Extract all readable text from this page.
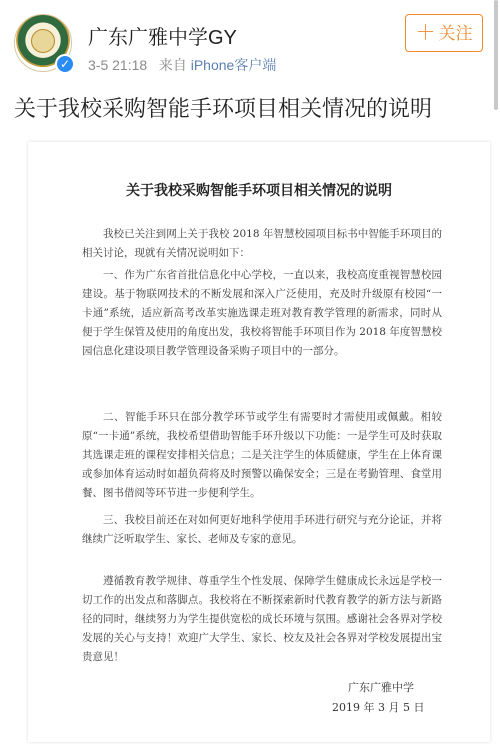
✓
广东广雅中学GY
3-5 21:18 来自 iPhone客户端
＋ 关注
关于我校采购智能手环项目相关情况的说明
关于我校采购智能手环项目相关情况的说明
我校已关注到网上关于我校 2018 年智慧校园项目标书中智能手环项目的相关讨论，现就有关情况说明如下：
一、作为广东省首批信息化中心学校，一直以来，我校高度重视智慧校园建设。基于物联网技术的不断发展和深入广泛使用，充及时升级原有校园“一卡通”系统，适应新高考改革实施选课走班对教育教学管理的新需求，同时从便于学生保管及使用的角度出发，我校将智能手环项目作为 2018 年度智慧校园信息化建设项目教学管理设备采购子项目中的一部分。
二、智能手环只在部分教学环节或学生有需要时才需使用或佩戴。相较原“一卡通”系统，我校希望借助智能手环升级以下功能：一是学生可及时获取其选课走班的课程安排相关信息；二是关注学生的体质健康，学生在上体育课或参加体育运动时如超负荷将及时预警以确保安全；三是在考勤管理、食堂用餐、图书借阅等环节进一步便利学生。
三、我校目前还在对如何更好地科学使用手环进行研究与充分论证，并将继续广泛听取学生、家长、老师及专家的意见。
遵循教育教学规律、尊重学生个性发展、保障学生健康成长永远是学校一切工作的出发点和落脚点。我校将在不断探索新时代教育教学的新方法与新路径的同时，继续努力为学生提供宽松的成长环境与氛围。感谢社会各界对学校发展的关心与支持！欢迎广大学生、家长、校友及社会各界对学校发展提出宝贵意见！
广东广雅中学
2019 年 3 月 5 日
